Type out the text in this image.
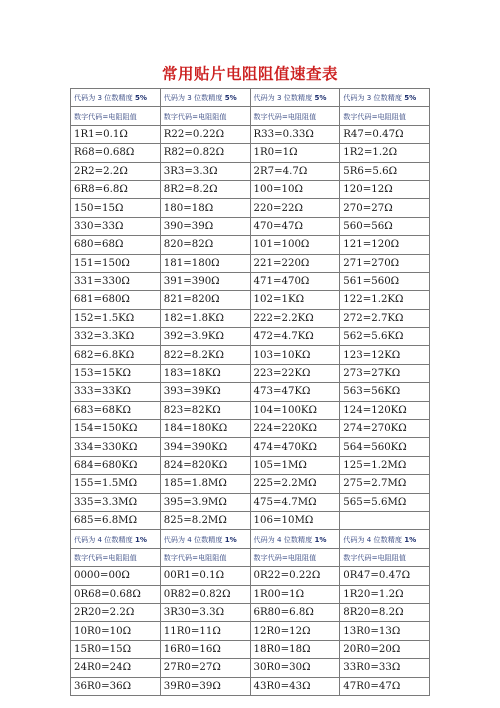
常用贴片电阻阻值速查表
代码为 3 位数精度 5%	代码为 3 位数精度 5%	代码为 3 位数精度 5%	代码为 3 位数精度 5%
数字代码=电阻阻值	数字代码=电阻阻值	数字代码=电阻阻值	数字代码=电阻阻值
1R1=0.1Ω	R22=0.22Ω	R33=0.33Ω	R47=0.47Ω
R68=0.68Ω	R82=0.82Ω	1R0=1Ω	1R2=1.2Ω
2R2=2.2Ω	3R3=3.3Ω	2R7=4.7Ω	5R6=5.6Ω
6R8=6.8Ω	8R2=8.2Ω	100=10Ω	120=12Ω
150=15Ω	180=18Ω	220=22Ω	270=27Ω
330=33Ω	390=39Ω	470=47Ω	560=56Ω
680=68Ω	820=82Ω	101=100Ω	121=120Ω
151=150Ω	181=180Ω	221=220Ω	271=270Ω
331=330Ω	391=390Ω	471=470Ω	561=560Ω
681=680Ω	821=820Ω	102=1KΩ	122=1.2KΩ
152=1.5KΩ	182=1.8KΩ	222=2.2KΩ	272=2.7KΩ
332=3.3KΩ	392=3.9KΩ	472=4.7KΩ	562=5.6KΩ
682=6.8KΩ	822=8.2KΩ	103=10KΩ	123=12KΩ
153=15KΩ	183=18KΩ	223=22KΩ	273=27KΩ
333=33KΩ	393=39KΩ	473=47KΩ	563=56KΩ
683=68KΩ	823=82KΩ	104=100KΩ	124=120KΩ
154=150KΩ	184=180KΩ	224=220KΩ	274=270KΩ
334=330KΩ	394=390KΩ	474=470KΩ	564=560KΩ
684=680KΩ	824=820KΩ	105=1MΩ	125=1.2MΩ
155=1.5MΩ	185=1.8MΩ	225=2.2MΩ	275=2.7MΩ
335=3.3MΩ	395=3.9MΩ	475=4.7MΩ	565=5.6MΩ
685=6.8MΩ	825=8.2MΩ	106=10MΩ	
代码为 4 位数精度 1%	代码为 4 位数精度 1%	代码为 4 位数精度 1%	代码为 4 位数精度 1%
数字代码=电阻阻值	数字代码=电阻阻值	数字代码=电阻阻值	数字代码=电阻阻值
0000=00Ω	00R1=0.1Ω	0R22=0.22Ω	0R47=0.47Ω
0R68=0.68Ω	0R82=0.82Ω	1R00=1Ω	1R20=1.2Ω
2R20=2.2Ω	3R30=3.3Ω	6R80=6.8Ω	8R20=8.2Ω
10R0=10Ω	11R0=11Ω	12R0=12Ω	13R0=13Ω
15R0=15Ω	16R0=16Ω	18R0=18Ω	20R0=20Ω
24R0=24Ω	27R0=27Ω	30R0=30Ω	33R0=33Ω
36R0=36Ω	39R0=39Ω	43R0=43Ω	47R0=47Ω
